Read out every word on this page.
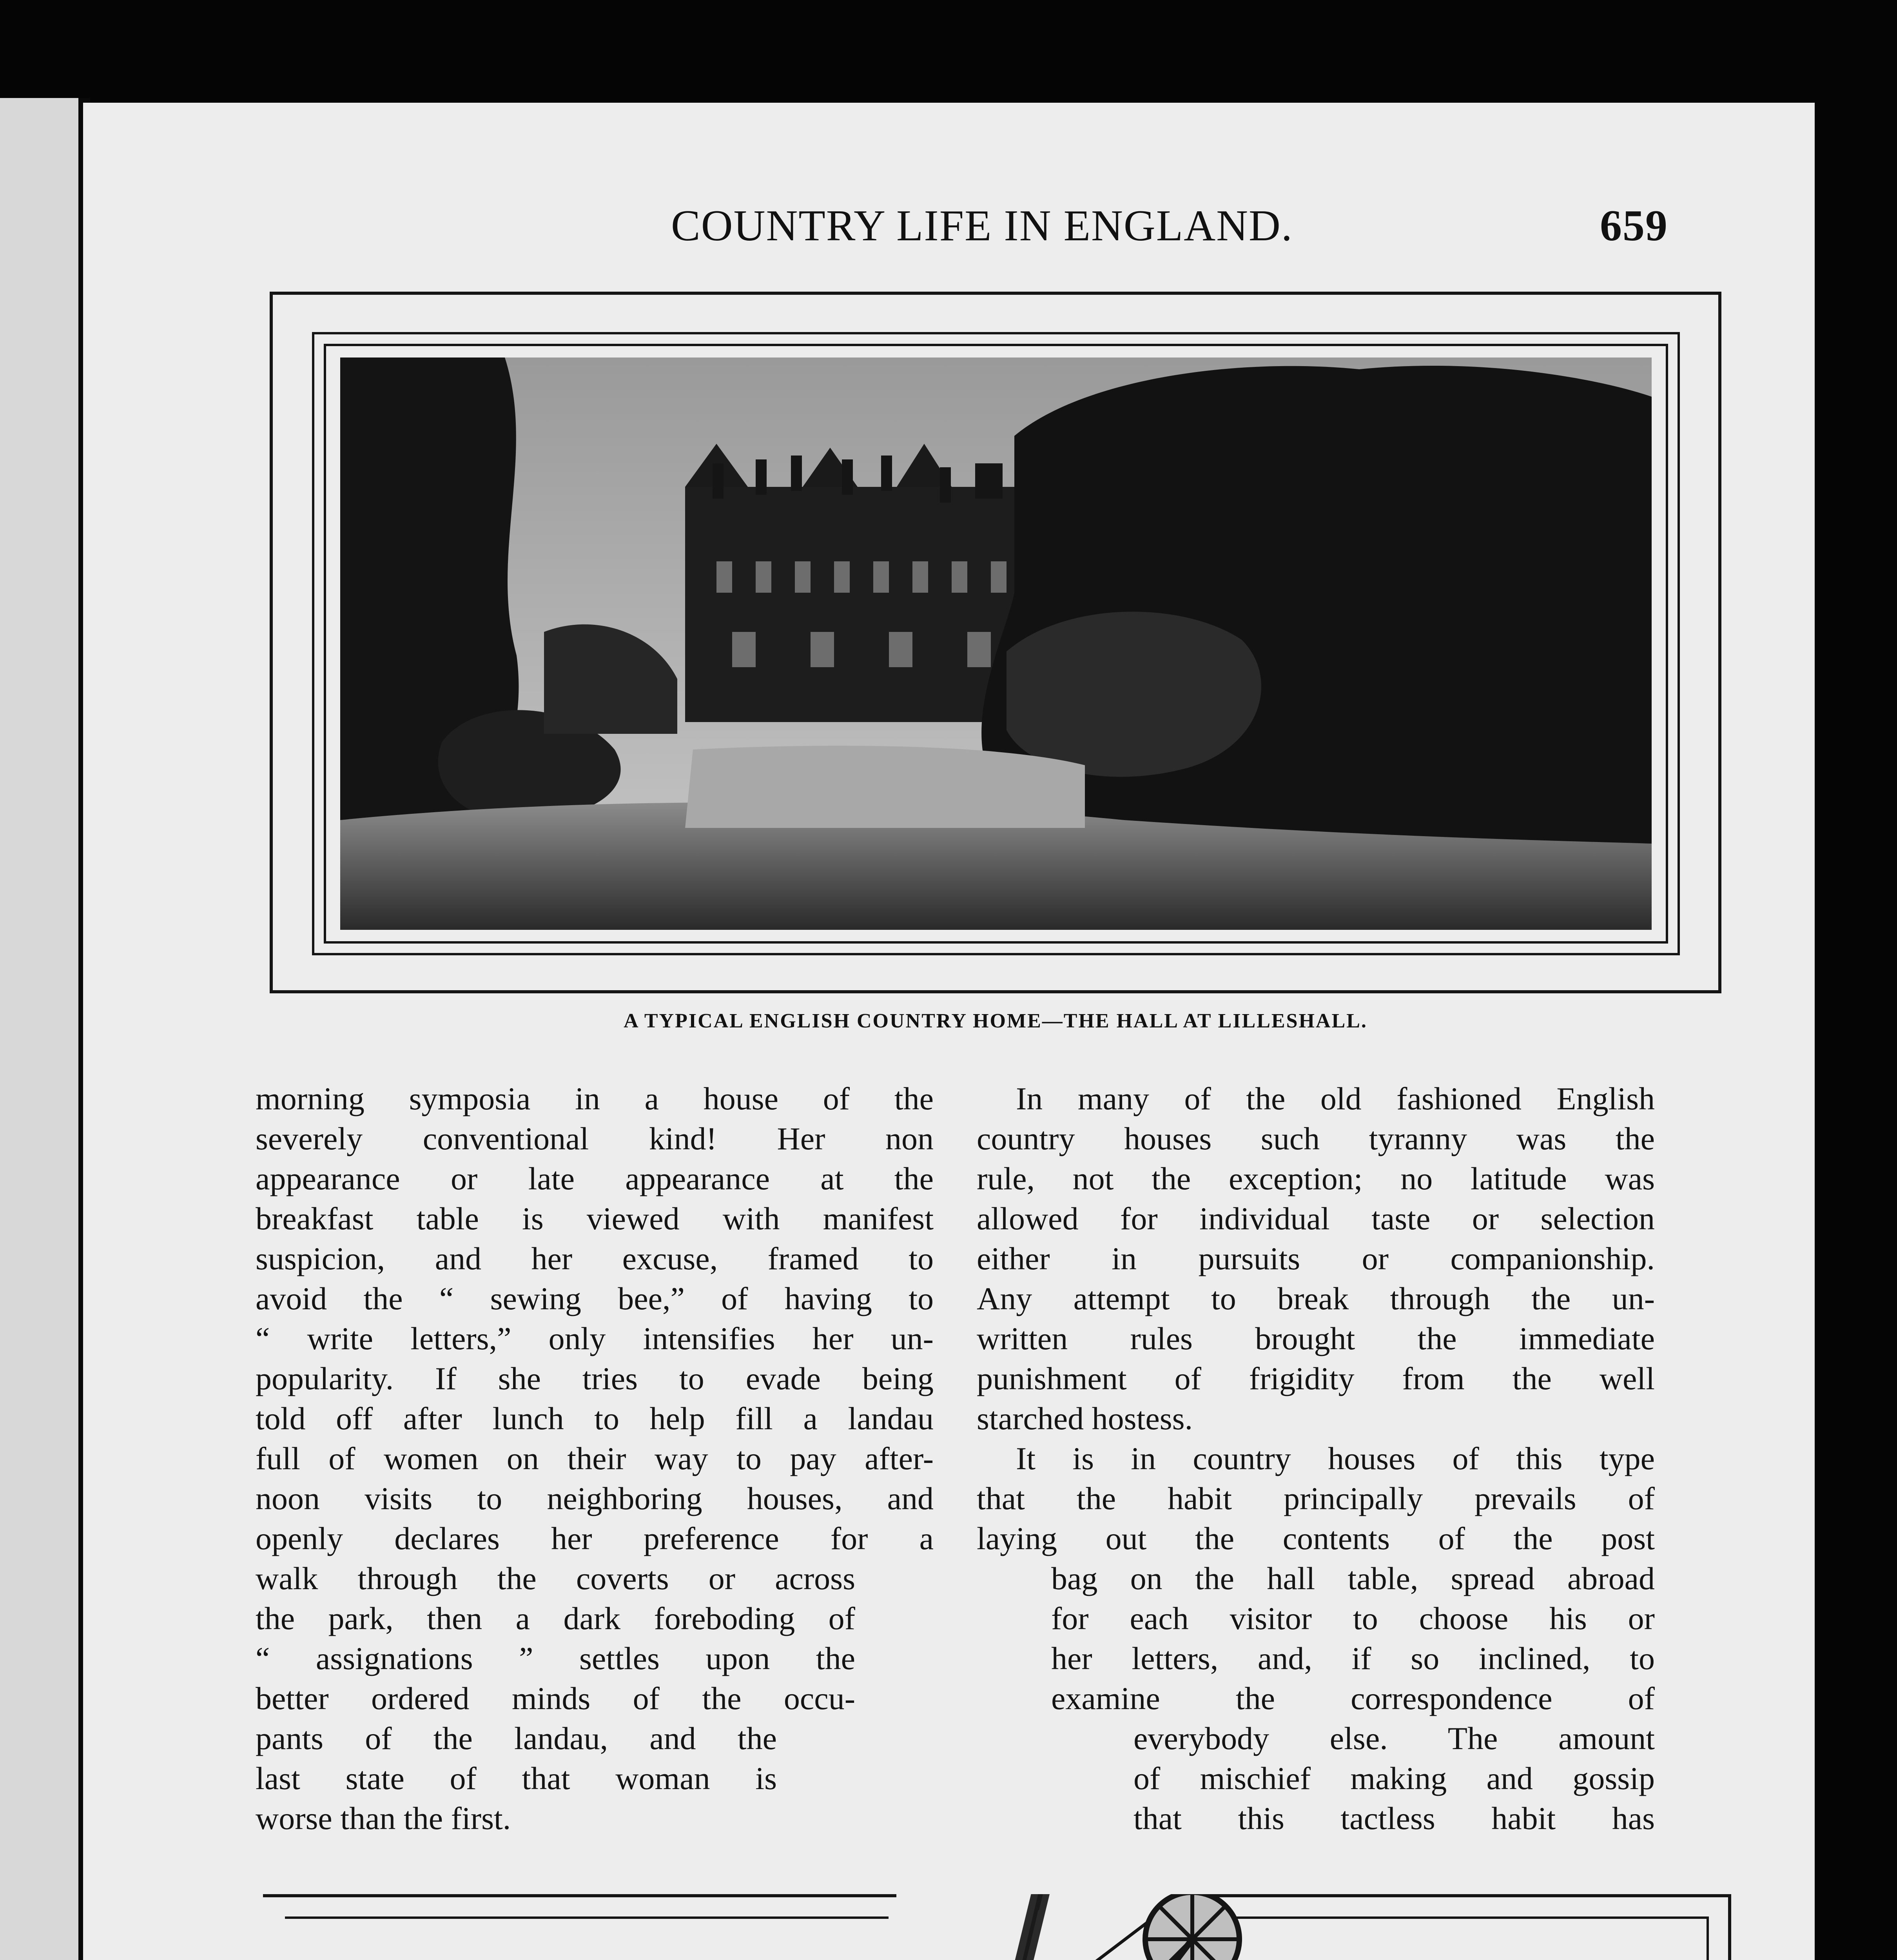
COUNTRY LIFE IN ENGLAND.	659
A TYPICAL ENGLISH COUNTRY HOME—THE HALL AT LILLESHALL.
morning symposia in a house of the
severely conventional kind! Her non
appearance or late appearance at the
breakfast table is viewed with manifest
suspicion, and her excuse, framed to
avoid the “ sewing bee,” of having to
“ write letters,” only intensifies her un-
popularity. If she tries to evade being
told off after lunch to help fill a landau
full of women on their way to pay after-
noon visits to neighboring houses, and
openly declares her preference for a
walk through the coverts or across
the park, then a dark foreboding of
“ assignations ” settles upon the
better ordered minds of the occu-
pants of the landau, and the
last state of that woman is
worse than the first.
In many of the old fashioned English
country houses such tyranny was the
rule, not the exception; no latitude was
allowed for individual taste or selection
either in pursuits or companionship.
Any attempt to break through the un-
written rules brought the immediate
punishment of frigidity from the well
starched hostess.
It is in country houses of this type
that the habit principally prevails of
laying out the contents of the post
bag on the hall table, spread abroad
for each visitor to choose his or
her letters, and, if so inclined, to
examine the correspondence of
everybody else. The amount
of mischief making and gossip
that this tactless habit has
